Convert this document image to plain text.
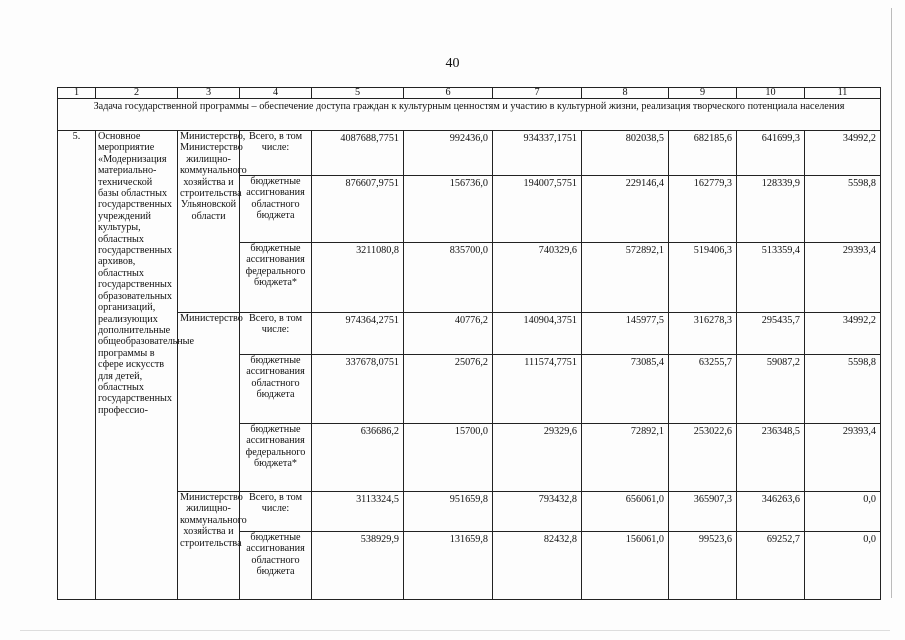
40
1	2	3	4	5	6	7	8	9	10	11
Задача государственной программы – обеспечение доступа граждан к культурным ценностям и участию в культурной жизни, реализация творческого потенциала населения										
5.	Основное мероприятие «Модернизация материально-технической базы областных государственных учреждений культуры, областных государственных архивов, областных государственных образовательных организаций, реализующих дополнительные общеобразовательные программы в сфере искусств для детей, областных государственных профессио-	Министерство, Министерство жилищно-коммунального хозяйства и строительства Ульяновской области	Всего, в том числе:	4087688,7751	992436,0	934337,1751	802038,5	682185,6	641699,3	34992,2
			бюджетные ассигнования областного бюджета	876607,9751	156736,0	194007,5751	229146,4	162779,3	128339,9	5598,8
			бюджетные ассигнования федерального бюджета*	3211080,8	835700,0	740329,6	572892,1	519406,3	513359,4	29393,4
		Министерство	Всего, в том числе:	974364,2751	40776,2	140904,3751	145977,5	316278,3	295435,7	34992,2
			бюджетные ассигнования областного бюджета	337678,0751	25076,2	111574,7751	73085,4	63255,7	59087,2	5598,8
			бюджетные ассигнования федерального бюджета*	636686,2	15700,0	29329,6	72892,1	253022,6	236348,5	29393,4
		Министерство жилищно-коммунального хозяйства и строительства	Всего, в том числе:	3113324,5	951659,8	793432,8	656061,0	365907,3	346263,6	0,0
			бюджетные ассигнования областного бюджета	538929,9	131659,8	82432,8	156061,0	99523,6	69252,7	0,0
